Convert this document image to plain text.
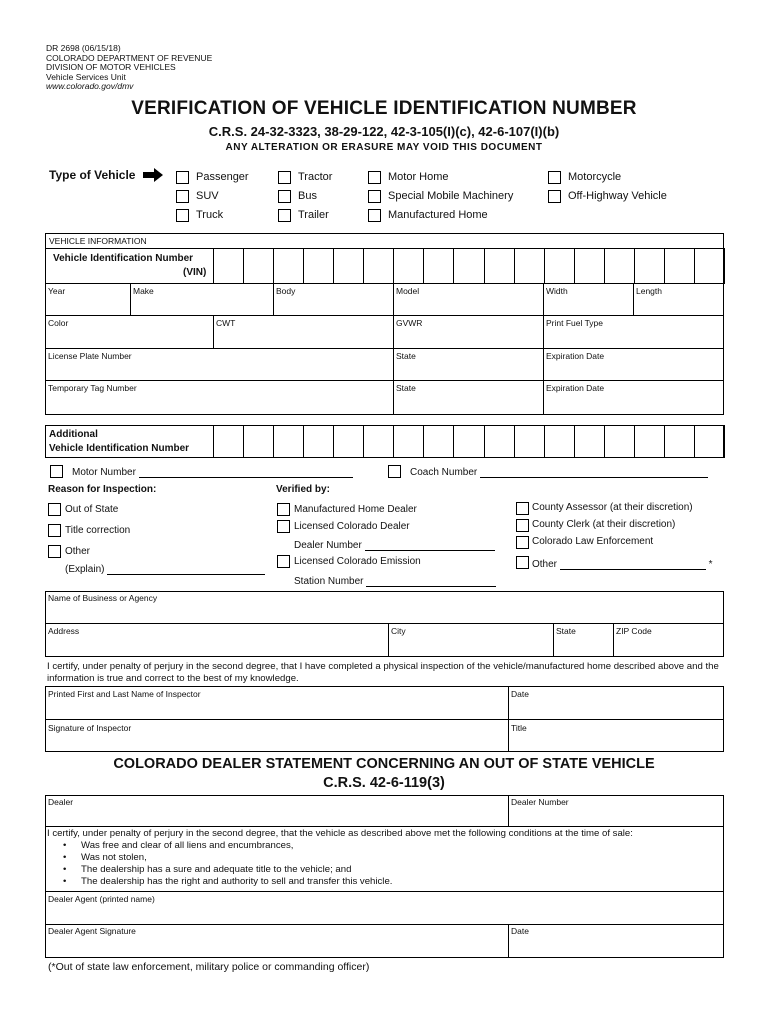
DR 2698 (06/15/18)
COLORADO DEPARTMENT OF REVENUE
DIVISION OF MOTOR VEHICLES
Vehicle Services Unit
www.colorado.gov/dmv
VERIFICATION OF VEHICLE IDENTIFICATION NUMBER
C.R.S. 24-32-3323, 38-29-122, 42-3-105(I)(c), 42-6-107(I)(b)
ANY ALTERATION OR ERASURE MAY VOID THIS DOCUMENT
Type of Vehicle	Passenger
SUV
Truck
Tractor
Bus
Trailer
Motor Home
Special Mobile Machinery
Manufactured Home
Motorcycle
Off-Highway Vehicle
VEHICLE INFORMATION
Vehicle Identification Number
(VIN)
Year	Make	Body	Model	Width	Length
Color	CWT	GVWR	Print Fuel Type
License Plate Number	State	Expiration Date
Temporary Tag Number	State	Expiration Date
Additional
Vehicle Identification Number
Motor Number	Coach Number
Reason for Inspection:
Out of State
Title correction
Other
(Explain)
Verified by:
Manufactured Home Dealer
Licensed Colorado Dealer
Dealer Number
Licensed Colorado Emission
Station Number
County Assessor (at their discretion)
County Clerk (at their discretion)
Colorado Law Enforcement
Other	*
Name of Business or Agency
Address	City	State	ZIP Code
I certify, under penalty of perjury in the second degree, that I have completed a physical inspection of the vehicle/manufactured home described above and the information is true and correct to the best of my knowledge.
Printed First and Last Name of Inspector	Date
Signature of Inspector	Title
COLORADO DEALER STATEMENT CONCERNING AN OUT OF STATE VEHICLE
C.R.S. 42-6-119(3)
Dealer	Dealer Number
I certify, under penalty of perjury in the second degree, that the vehicle as described above met the following conditions at the time of sale:
• Was free and clear of all liens and encumbrances,
• Was not stolen,
• The dealership has a sure and adequate title to the vehicle; and
• The dealership has the right and authority to sell and transfer this vehicle.
Dealer Agent (printed name)
Dealer Agent Signature	Date
(*Out of state law enforcement, military police or commanding officer)
